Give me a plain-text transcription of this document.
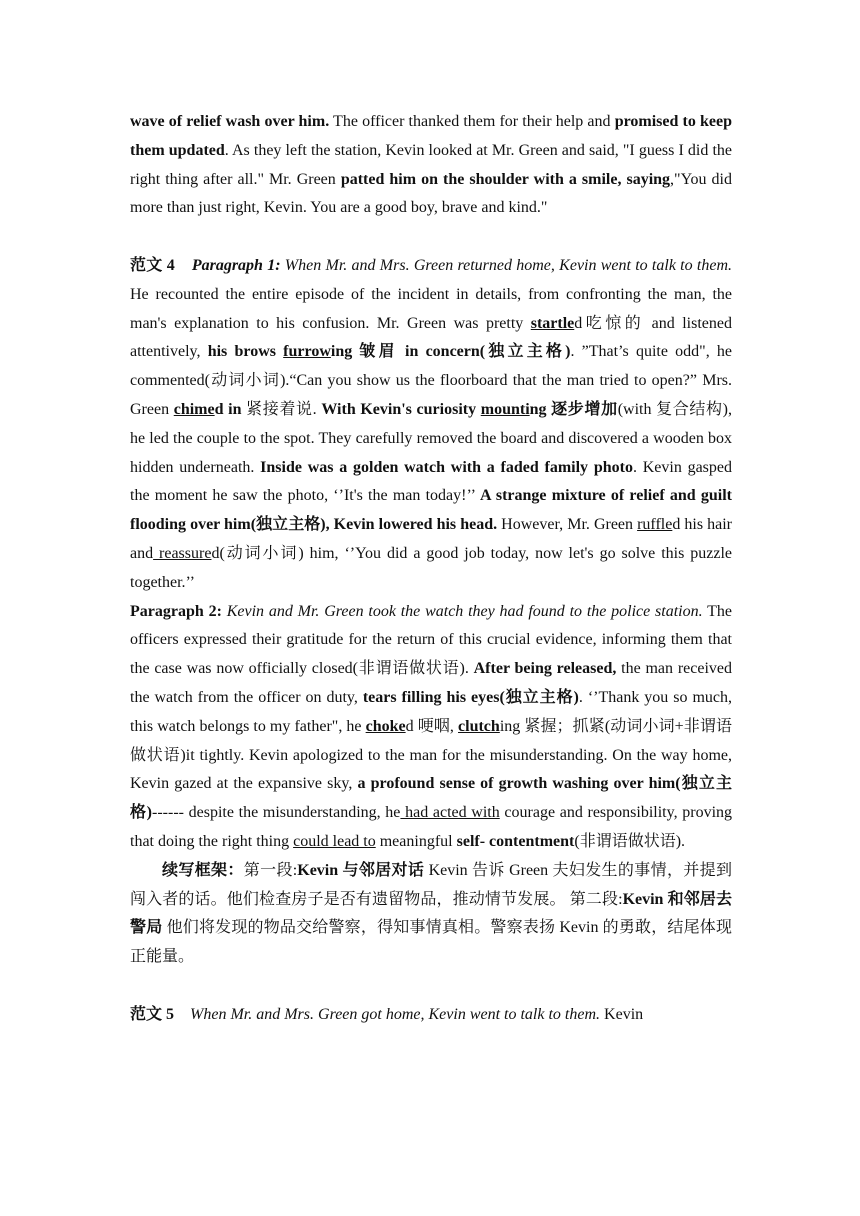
wave of relief wash over him. The officer thanked them for their help and promised to keep them updated. As they left the station, Kevin looked at Mr. Green and said, "I guess I did the right thing after all." Mr. Green patted him on the shoulder with a smile, saying,"You did more than just right, Kevin. You are a good boy, brave and kind."

范文 4 Paragraph 1: When Mr. and Mrs. Green returned home, Kevin went to talk to them. He recounted the entire episode of the incident in details, from confronting the man, the man's explanation to his confusion. Mr. Green was pretty startled吃惊的 and listened attentively, his brows furrowing 皱眉 in concern(独立主格). ”That’s quite odd", he commented(动词小词).“Can you show us the floorboard that the man tried to open?” Mrs. Green chimed in 紧接着说. With Kevin's curiosity mounting 逐步增加(with 复合结构), he led the couple to the spot. They carefully removed the board and discovered a wooden box hidden underneath. Inside was a golden watch with a faded family photo. Kevin gasped the moment he saw the photo, ‘’It's the man today!’’ A strange mixture of relief and guilt flooding over him(独立主格), Kevin lowered his head. However, Mr. Green ruffled his hair and reassured(动词小词) him, ‘’You did a good job today, now let's go solve this puzzle together.’’

Paragraph 2: Kevin and Mr. Green took the watch they had found to the police station. The officers expressed their gratitude for the return of this crucial evidence, informing them that the case was now officially closed(非谓语做状语). After being released, the man received the watch from the officer on duty, tears filling his eyes(独立主格). ‘’Thank you so much, this watch belongs to my father", he choked 哽咽, clutching 紧握；抓紧(动词小词+非谓语做状语)it tightly. Kevin apologized to the man for the misunderstanding. On the way home, Kevin gazed at the expansive sky, a profound sense of growth washing over him(独立主格)------ despite the misunderstanding, he had acted with courage and responsibility, proving that doing the right thing could lead to meaningful self- contentment(非谓语做状语).

续写框架：第一段:Kevin 与邻居对话 Kevin 告诉 Green 夫妇发生的事情，并提到闯入者的话。他们检查房子是否有遗留物品，推动情节发展。 第二段:Kevin 和邻居去警局 他们将发现的物品交给警察，得知事情真相。警察表扬 Kevin 的勇敢，结尾体现正能量。

范文 5    When Mr. and Mrs. Green got home, Kevin went to talk to them. Kevin
